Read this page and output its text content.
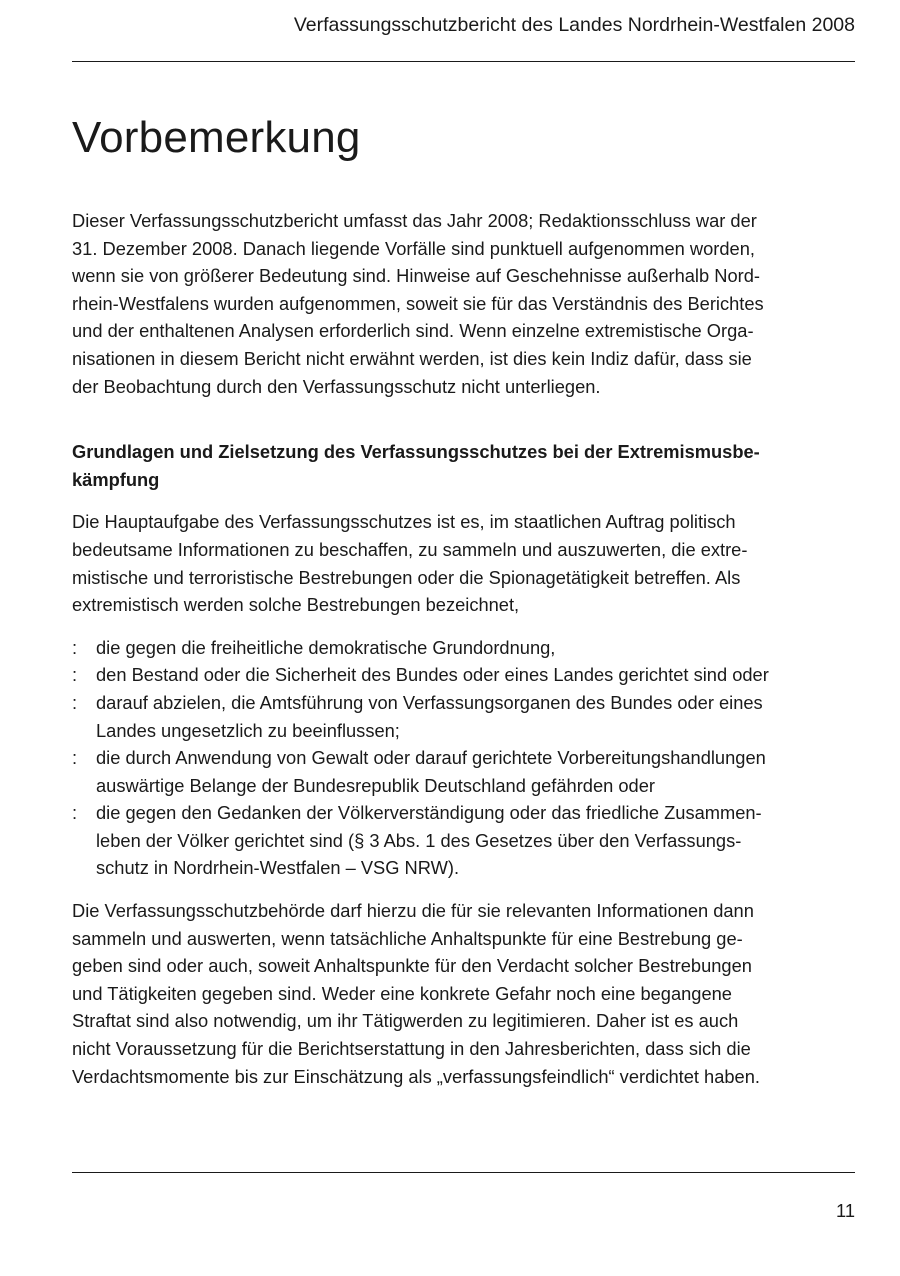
Verfassungsschutzbericht des Landes Nordrhein-Westfalen 2008
Vorbemerkung

Dieser Verfassungsschutzbericht umfasst das Jahr 2008; Redaktionsschluss war der
31. Dezember 2008. Danach liegende Vorfälle sind punktuell aufgenommen worden,
wenn sie von größerer Bedeutung sind. Hinweise auf Geschehnisse außerhalb Nord-
rhein-Westfalens wurden aufgenommen, soweit sie für das Verständnis des Berichtes
und der enthaltenen Analysen erforderlich sind. Wenn einzelne extremistische Orga-
nisationen in diesem Bericht nicht erwähnt werden, ist dies kein Indiz dafür, dass sie
der Beobachtung durch den Verfassungsschutz nicht unterliegen.

Grundlagen und Zielsetzung des Verfassungsschutzes bei der Extremismusbe-
kämpfung

Die Hauptaufgabe des Verfassungsschutzes ist es, im staatlichen Auftrag politisch
bedeutsame Informationen zu beschaffen, zu sammeln und auszuwerten, die extre-
mistische und terroristische Bestrebungen oder die Spionagetätigkeit betreffen. Als
extremistisch werden solche Bestrebungen bezeichnet,

: die gegen die freiheitliche demokratische Grundordnung,
: den Bestand oder die Sicherheit des Bundes oder eines Landes gerichtet sind oder
: darauf abzielen, die Amtsführung von Verfassungsorganen des Bundes oder eines
Landes ungesetzlich zu beeinflussen;
: die durch Anwendung von Gewalt oder darauf gerichtete Vorbereitungshandlungen
auswärtige Belange der Bundesrepublik Deutschland gefährden oder
: die gegen den Gedanken der Völkerverständigung oder das friedliche Zusammen-
leben der Völker gerichtet sind (§ 3 Abs. 1 des Gesetzes über den Verfassungs-
schutz in Nordrhein-Westfalen – VSG NRW).

Die Verfassungsschutzbehörde darf hierzu die für sie relevanten Informationen dann
sammeln und auswerten, wenn tatsächliche Anhaltspunkte für eine Bestrebung ge-
geben sind oder auch, soweit Anhaltspunkte für den Verdacht solcher Bestrebungen
und Tätigkeiten gegeben sind. Weder eine konkrete Gefahr noch eine begangene
Straftat sind also notwendig, um ihr Tätigwerden zu legitimieren. Daher ist es auch
nicht Voraussetzung für die Berichtserstattung in den Jahresberichten, dass sich die
Verdachtsmomente bis zur Einschätzung als „verfassungsfeindlich“ verdichtet haben.

11
